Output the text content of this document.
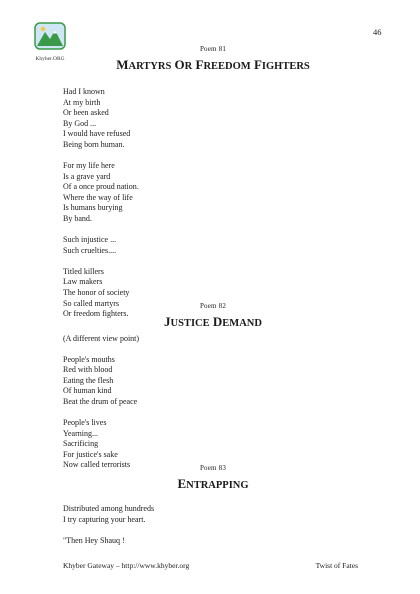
46
Khyber.ORG
Poem 81
MARTYRS OR FREEDOM FIGHTERS
Had I known
At my birth
Or been asked
By God ...
I would have refused
Being born human.
For my life here
Is a grave yard
Of a once proud nation.
Where the way of life
Is humans burying
By band.
Such injustice ...
Such cruelties....
Titled killers
Law makers
The honor of society
So called martyrs
Or freedom fighters.
Poem 82
JUSTICE DEMAND
(A different view point)
People's mouths
Red with blood
Eating the flesh
Of human kind
Beat the drum of peace
People's lives
Yearning...
Sacrificing
For justice's sake
Now called terrorists	Poem 83
ENTRAPPING
Distributed among hundreds
I try capturing your heart.
"Then Hey Shauq !
Khyber Gateway – http://www.khyber.org	Twist of Fates
